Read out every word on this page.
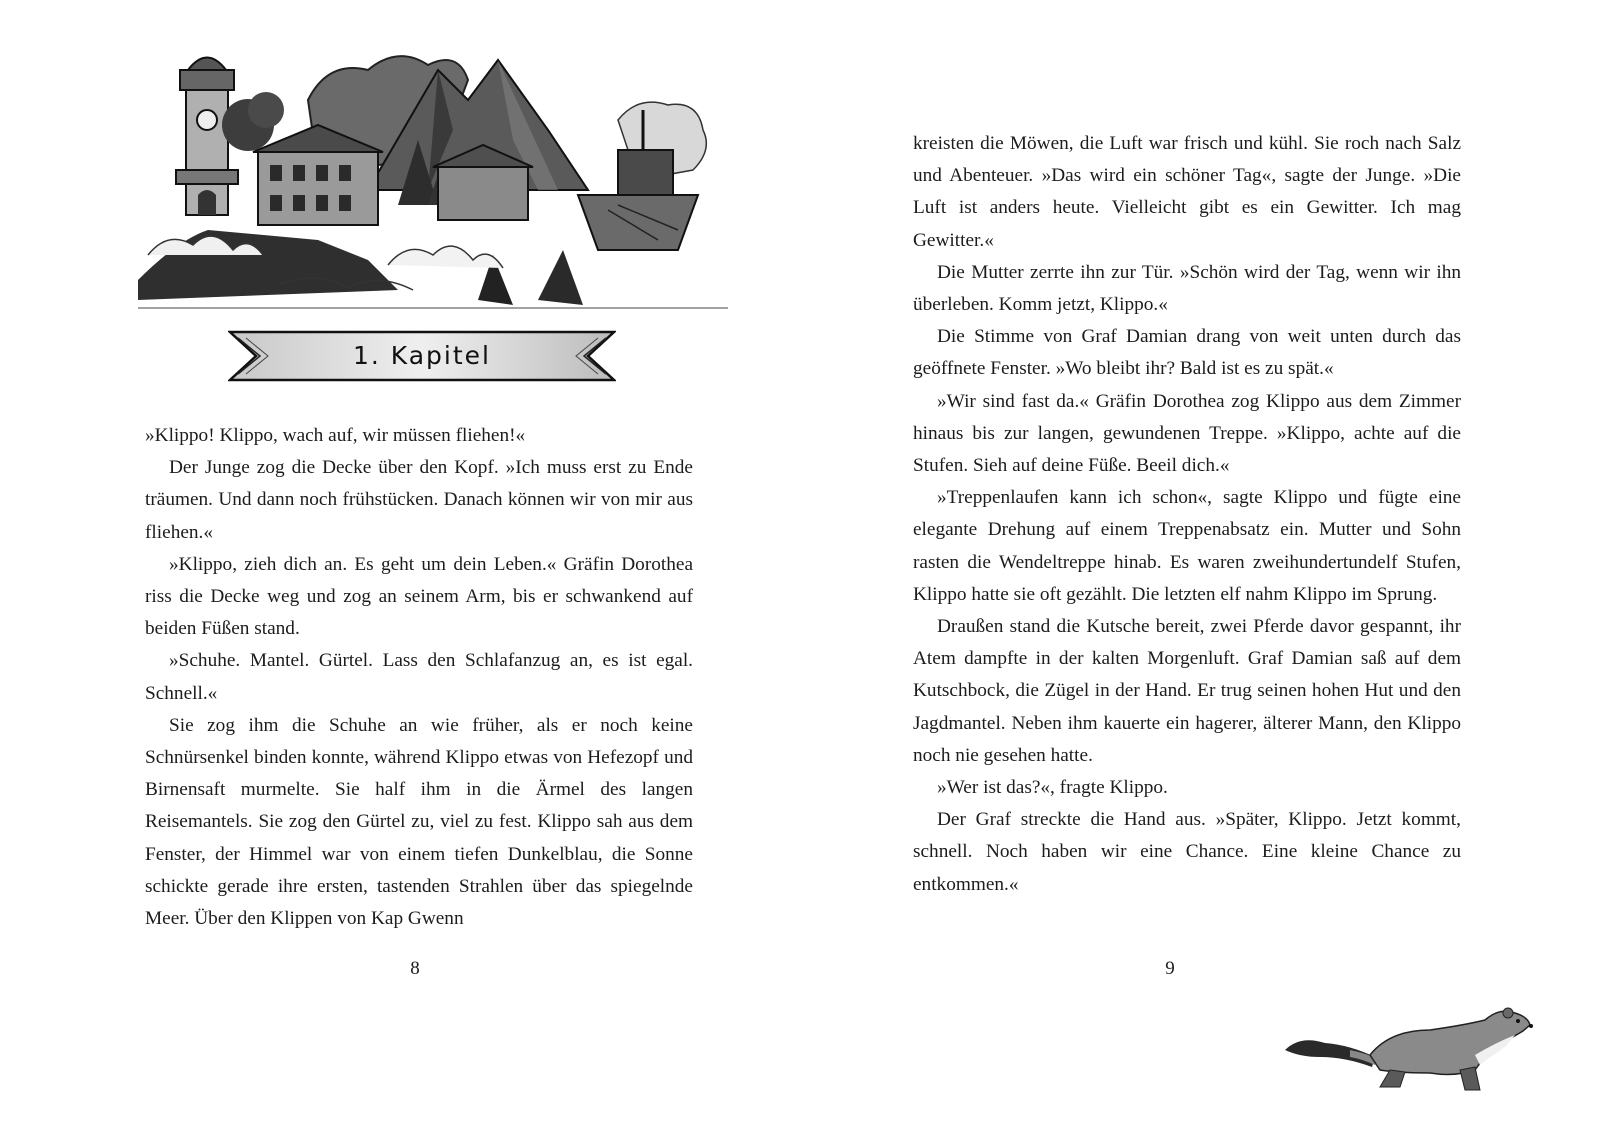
1. Kapitel

»Klippo! Klippo, wach auf, wir müssen fliehen!«

Der Junge zog die Decke über den Kopf. »Ich muss erst zu Ende träumen. Und dann noch frühstücken. Danach können wir von mir aus fliehen.«

»Klippo, zieh dich an. Es geht um dein Leben.« Gräfin Dorothea riss die Decke weg und zog an seinem Arm, bis er schwankend auf beiden Füßen stand.

»Schuhe. Mantel. Gürtel. Lass den Schlafanzug an, es ist egal. Schnell.«

Sie zog ihm die Schuhe an wie früher, als er noch keine Schnürsenkel binden konnte, während Klippo etwas von Hefezopf und Birnensaft murmelte. Sie half ihm in die Ärmel des langen Reisemantels. Sie zog den Gürtel zu, viel zu fest. Klippo sah aus dem Fenster, der Himmel war von einem tiefen Dunkelblau, die Sonne schickte gerade ihre ersten, tastenden Strahlen über das spiegelnde Meer. Über den Klippen von Kap Gwenn

8

kreisten die Möwen, die Luft war frisch und kühl. Sie roch nach Salz und Abenteuer. »Das wird ein schöner Tag«, sagte der Junge. »Die Luft ist anders heute. Vielleicht gibt es ein Gewitter. Ich mag Gewitter.«

Die Mutter zerrte ihn zur Tür. »Schön wird der Tag, wenn wir ihn überleben. Komm jetzt, Klippo.«

Die Stimme von Graf Damian drang von weit unten durch das geöffnete Fenster. »Wo bleibt ihr? Bald ist es zu spät.«

»Wir sind fast da.« Gräfin Dorothea zog Klippo aus dem Zimmer hinaus bis zur langen, gewundenen Treppe. »Klippo, achte auf die Stufen. Sieh auf deine Füße. Beeil dich.«

»Treppenlaufen kann ich schon«, sagte Klippo und fügte eine elegante Drehung auf einem Treppenabsatz ein. Mutter und Sohn rasten die Wendeltreppe hinab. Es waren zweihundertundelf Stufen, Klippo hatte sie oft gezählt. Die letzten elf nahm Klippo im Sprung.

Draußen stand die Kutsche bereit, zwei Pferde davor gespannt, ihr Atem dampfte in der kalten Morgenluft. Graf Damian saß auf dem Kutschbock, die Zügel in der Hand. Er trug seinen hohen Hut und den Jagdmantel. Neben ihm kauerte ein hagerer, älterer Mann, den Klippo noch nie gesehen hatte.

»Wer ist das?«, fragte Klippo.

Der Graf streckte die Hand aus. »Später, Klippo. Jetzt kommt, schnell. Noch haben wir eine Chance. Eine kleine Chance zu entkommen.«

9
